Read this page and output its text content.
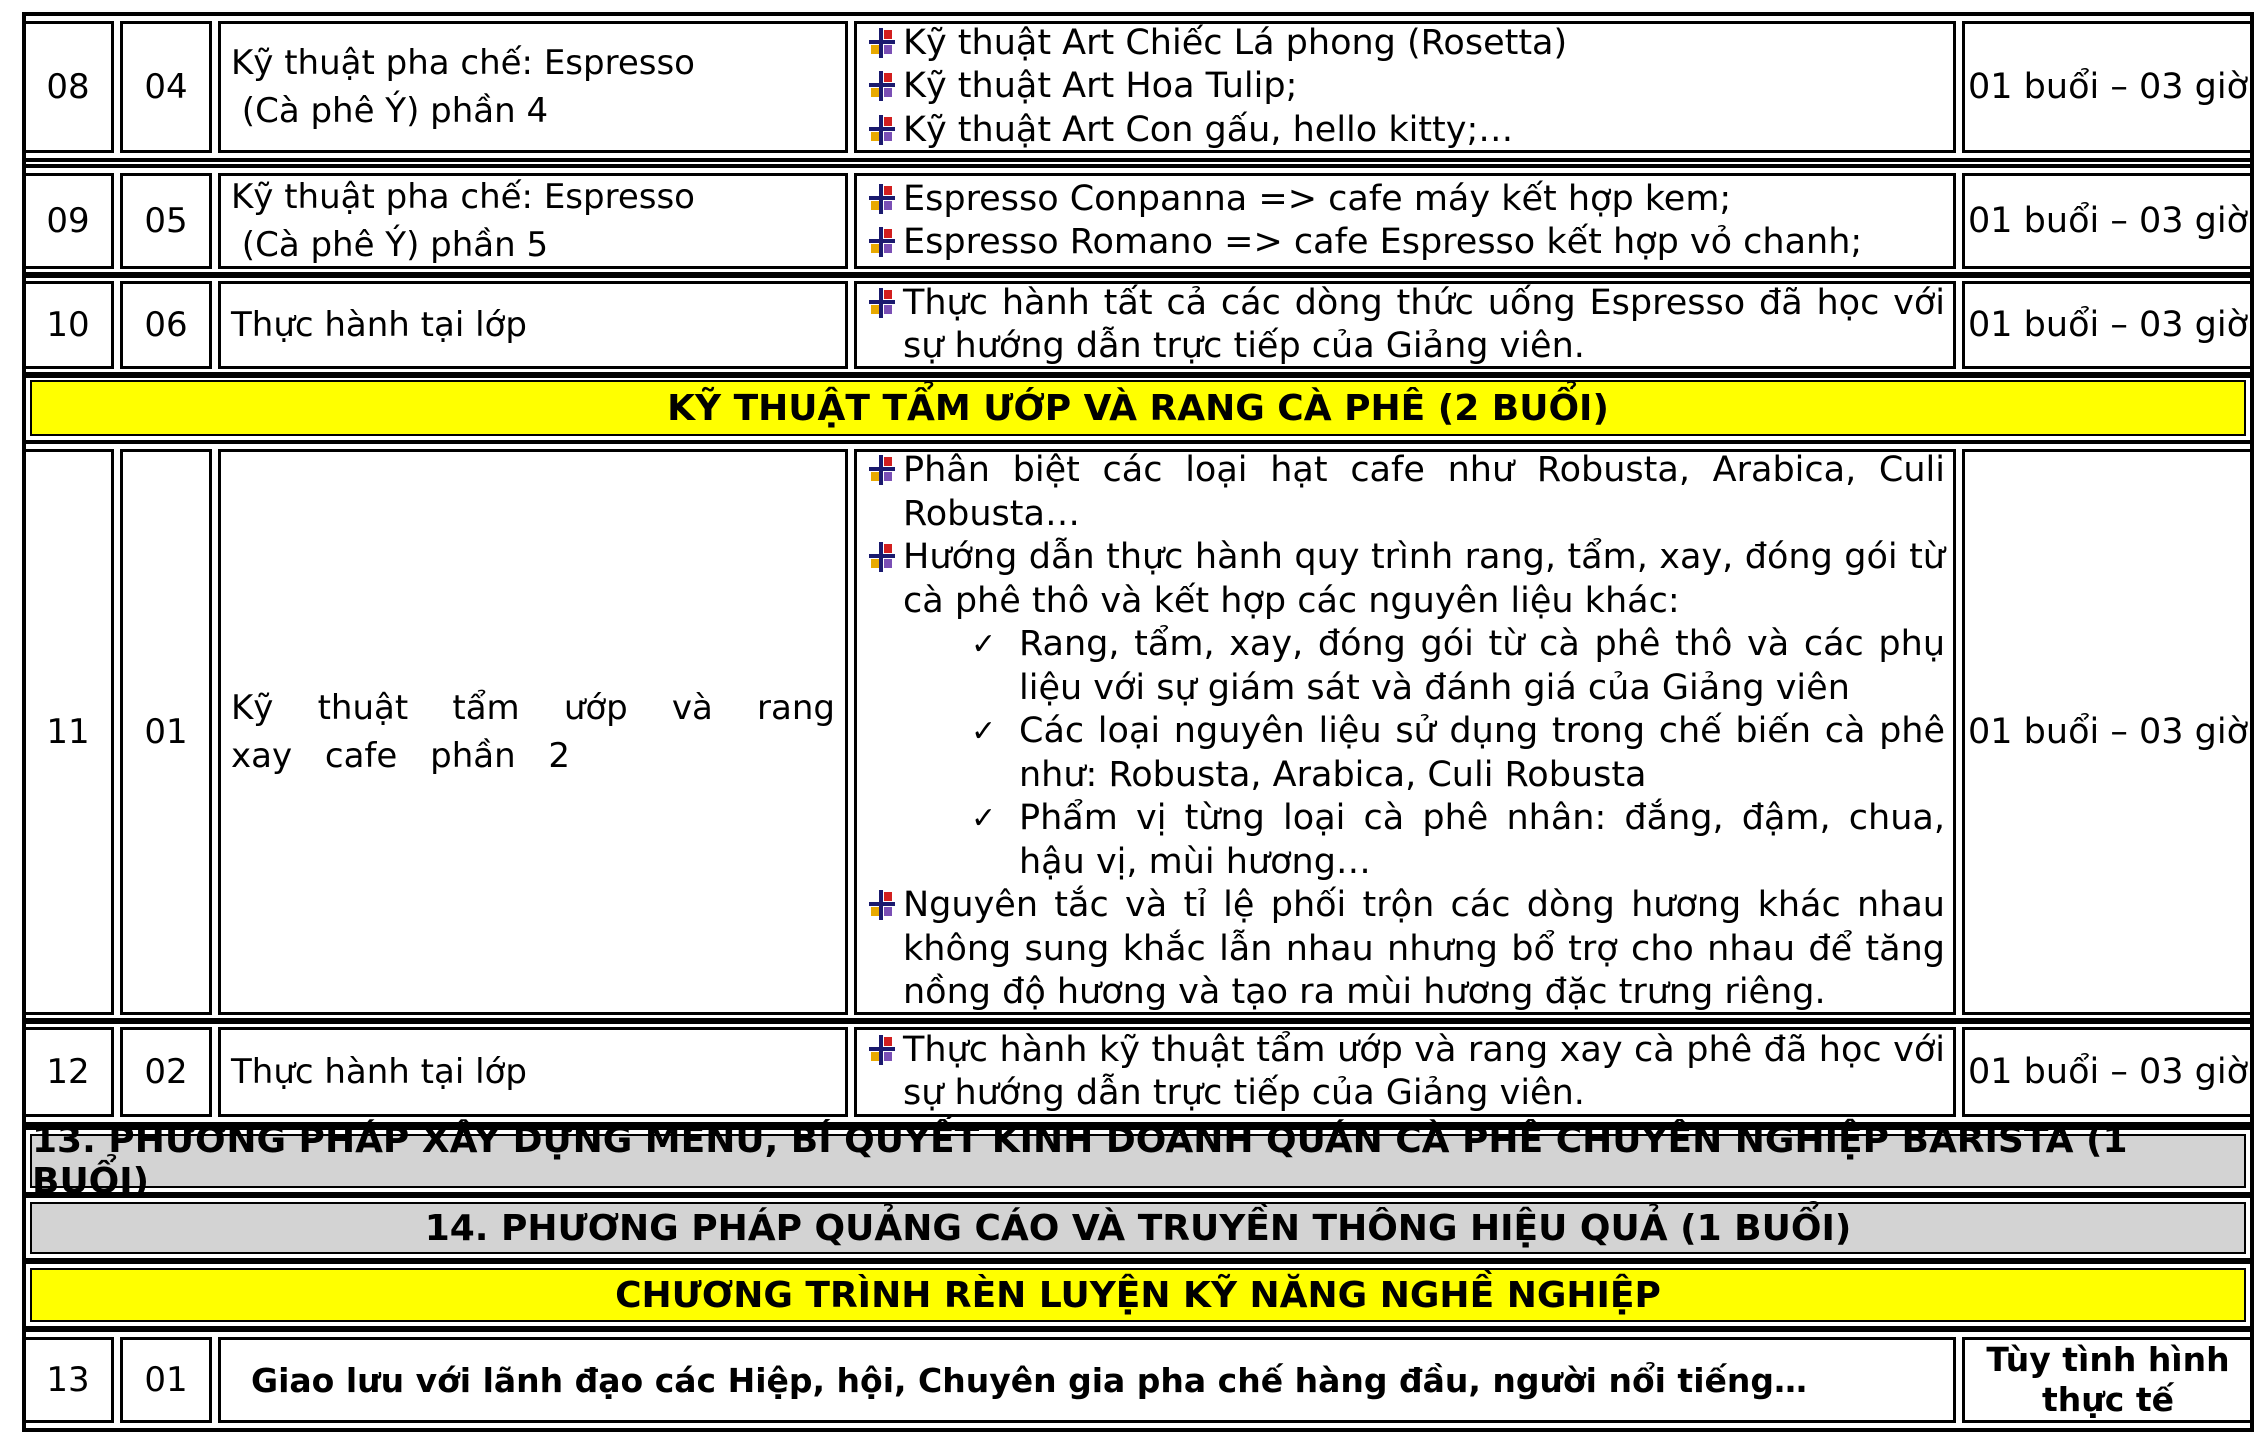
08 04
Kỹ thuật pha chế: Espresso
(Cà phê Ý) phần 4
Kỹ thuật Art Chiếc Lá phong (Rosetta)
Kỹ thuật Art Hoa Tulip;
Kỹ thuật Art Con gấu, hello kitty;…
01 buổi – 03 giờ
09 05
Kỹ thuật pha chế: Espresso
(Cà phê Ý) phần 5
Espresso Conpanna => cafe máy kết hợp kem;
Espresso Romano => cafe Espresso kết hợp vỏ chanh;
01 buổi – 03 giờ
10 06 Thực hành tại lớp
Thực hành tất cả các dòng thức uống Espresso đã học với sự hướng dẫn trực tiếp của Giảng viên.
01 buổi – 03 giờ
KỸ THUẬT TẨM ƯỚP VÀ RANG CÀ PHÊ (2 BUỔI)
11 01
Kỹ thuật tẩm ướp và rang xay cafe phần 2
Phân biệt các loại hạt cafe như Robusta, Arabica, Culi Robusta…
Hướng dẫn thực hành quy trình rang, tẩm, xay, đóng gói từ cà phê thô và kết hợp các nguyên liệu khác:
✓ Rang, tẩm, xay, đóng gói từ cà phê thô và các phụ liệu với sự giám sát và đánh giá của Giảng viên
✓ Các loại nguyên liệu sử dụng trong chế biến cà phê như: Robusta, Arabica, Culi Robusta
✓ Phẩm vị từng loại cà phê nhân: đắng, đậm, chua, hậu vị, mùi hương…
Nguyên tắc và tỉ lệ phối trộn các dòng hương khác nhau không sung khắc lẫn nhau nhưng bổ trợ cho nhau để tăng nồng độ hương và tạo ra mùi hương đặc trưng riêng.
01 buổi – 03 giờ
12 02 Thực hành tại lớp
Thực hành kỹ thuật tẩm ướp và rang xay cà phê đã học với sự hướng dẫn trực tiếp của Giảng viên.
01 buổi – 03 giờ
13. PHƯƠNG PHÁP XÂY DỰNG MENU, BÍ QUYẾT KINH DOANH QUÁN CÀ PHÊ CHUYÊN NGHIỆP BARISTA (1 BUỔI)
14. PHƯƠNG PHÁP QUẢNG CÁO VÀ TRUYỀN THÔNG HIỆU QUẢ (1 BUỔI)
CHƯƠNG TRÌNH RÈN LUYỆN KỸ NĂNG NGHỀ NGHIỆP
13 01 Giao lưu với lãnh đạo các Hiệp, hội, Chuyên gia pha chế hàng đầu, người nổi tiếng…
Tùy tình hình
thực tế
